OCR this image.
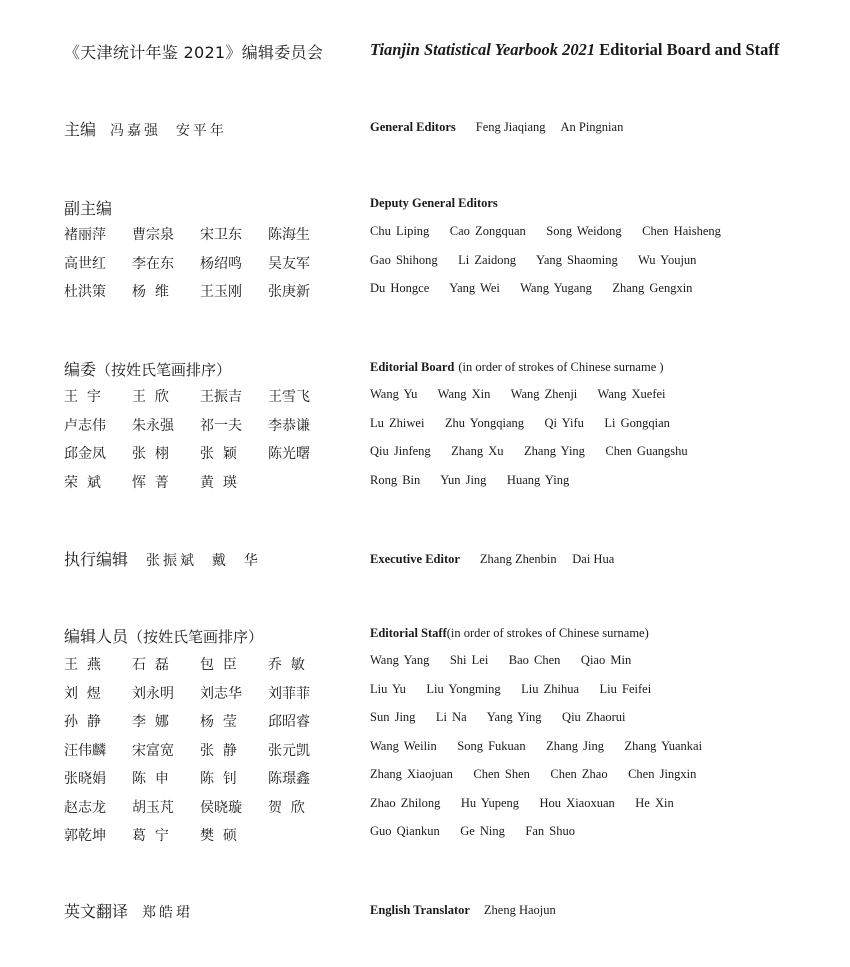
《天津统计年鉴 2021》编辑委员会	Tianjin Statistical Yearbook 2021 Editorial Board and Staff
主编 冯嘉强  安平年	General Editors Feng Jiaqiang     An Pingnian
副主编
褚丽萍 曹宗泉 宋卫东 陈海生
高世红 李在东 杨绍鸣 吴友军
杜洪策 杨  维 王玉刚 张庚新
Deputy General Editors
Chu Liping    Cao Zongquan    Song Weidong    Chen Haisheng
Gao Shihong    Li Zaidong    Yang Shaoming    Wu Youjun
Du Hongce    Yang Wei    Wang Yugang    Zhang Gengxin
编委（按姓氏笔画排序）
王  宇 王  欣 王振吉 王雪飞
卢志伟 朱永强 祁一夫 李恭谦
邱金凤 张  栩 张  颖 陈光曙
荣  斌 恽  菁 黄  瑛
Editorial Board (in order of strokes of Chinese surname )
Wang Yu    Wang Xin    Wang Zhenji    Wang Xuefei
Lu Zhiwei    Zhu Yongqiang    Qi Yifu    Li Gongqian
Qiu Jinfeng    Zhang Xu    Zhang Ying    Chen Guangshu
Rong Bin    Yun Jing    Huang Ying
执行编辑 张振斌  戴  华	Executive Editor Zhang Zhenbin     Dai Hua
编辑人员（按姓氏笔画排序）
王  燕 石  磊 包  臣 乔  敏
刘  煜 刘永明 刘志华 刘菲菲
孙  静 李  娜 杨  莹 邱昭睿
汪伟麟 宋富宽 张  静 张元凯
张晓娟 陈  申 陈  钊 陈璟鑫
赵志龙 胡玉芃 侯晓璇 贺  欣
郭乾坤 葛  宁 樊  硕
Editorial Staff(in order of strokes of Chinese surname)
Wang Yang    Shi Lei    Bao Chen    Qiao Min
Liu Yu    Liu Yongming    Liu Zhihua    Liu Feifei
Sun Jing    Li Na    Yang Ying    Qiu Zhaorui
Wang Weilin    Song Fukuan    Zhang Jing    Zhang Yuankai
Zhang Xiaojuan    Chen Shen    Chen Zhao    Chen Jingxin
Zhao Zhilong    Hu Yupeng    Hou Xiaoxuan    He Xin
Guo Qiankun    Ge Ning    Fan Shuo
英文翻译 郑皓珺	English Translator Zheng Haojun
